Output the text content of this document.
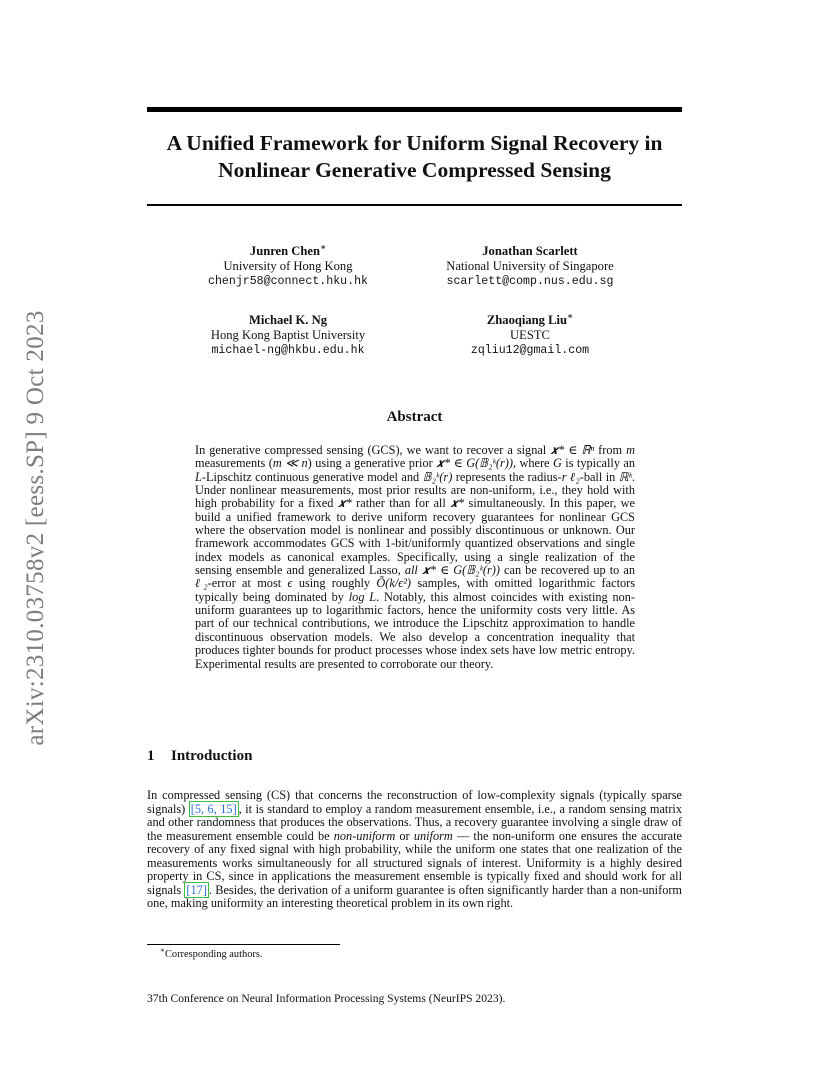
arXiv:2310.03758v2 [eess.SP] 9 Oct 2023
A Unified Framework for Uniform Signal Recovery in
Nonlinear Generative Compressed Sensing
Junren Chen∗
University of Hong Kong
chenjr58@connect.hku.hk
Jonathan Scarlett
National University of Singapore
scarlett@comp.nus.edu.sg
Michael K. Ng
Hong Kong Baptist University
michael-ng@hkbu.edu.hk
Zhaoqiang Liu∗
UESTC
zqliu12@gmail.com
Abstract

In generative compressed sensing (GCS), we want to recover a signal 𝒙* ∈ ℝⁿ from m measurements (m ≪ n) using a generative prior 𝒙* ∈ G(𝔹₂ᵏ(r)), where G is typically an L-Lipschitz continuous generative model and 𝔹₂ᵏ(r) represents the radius-r ℓ₂-ball in ℝᵏ. Under nonlinear measurements, most prior results are non-uniform, i.e., they hold with high probability for a fixed 𝒙* rather than for all 𝒙* simultaneously. In this paper, we build a unified framework to derive uniform recovery guarantees for nonlinear GCS where the observation model is nonlinear and possibly discontinuous or unknown. Our framework accommodates GCS with 1-bit/uniformly quantized observations and single index models as canonical examples. Specifically, using a single realization of the sensing ensemble and generalized Lasso, all 𝒙* ∈ G(𝔹₂ᵏ(r)) can be recovered up to an ℓ₂-error at most ϵ using roughly Õ(k/ϵ²) samples, with omitted logarithmic factors typically being dominated by log L. Notably, this almost coincides with existing non-uniform guarantees up to logarithmic factors, hence the uniformity costs very little. As part of our technical contributions, we introduce the Lipschitz approximation to handle discontinuous observation models. We also develop a concentration inequality that produces tighter bounds for product processes whose index sets have low metric entropy. Experimental results are presented to corroborate our theory.

1 Introduction

In compressed sensing (CS) that concerns the reconstruction of low-complexity signals (typically sparse signals) [5, 6, 15] , it is standard to employ a random measurement ensemble, i.e., a random sensing matrix and other randomness that produces the observations. Thus, a recovery guarantee involving a single draw of the measurement ensemble could be non-uniform or uniform — the non-uniform one ensures the accurate recovery of any fixed signal with high probability, while the uniform one states that one realization of the measurements works simultaneously for all structured signals of interest. Uniformity is a highly desired property in CS, since in applications the measurement ensemble is typically fixed and should work for all signals [17] . Besides, the derivation of a uniform guarantee is often significantly harder than a non-uniform one, making uniformity an interesting theoretical problem in its own right.

∗Corresponding authors.

37th Conference on Neural Information Processing Systems (NeurIPS 2023).
